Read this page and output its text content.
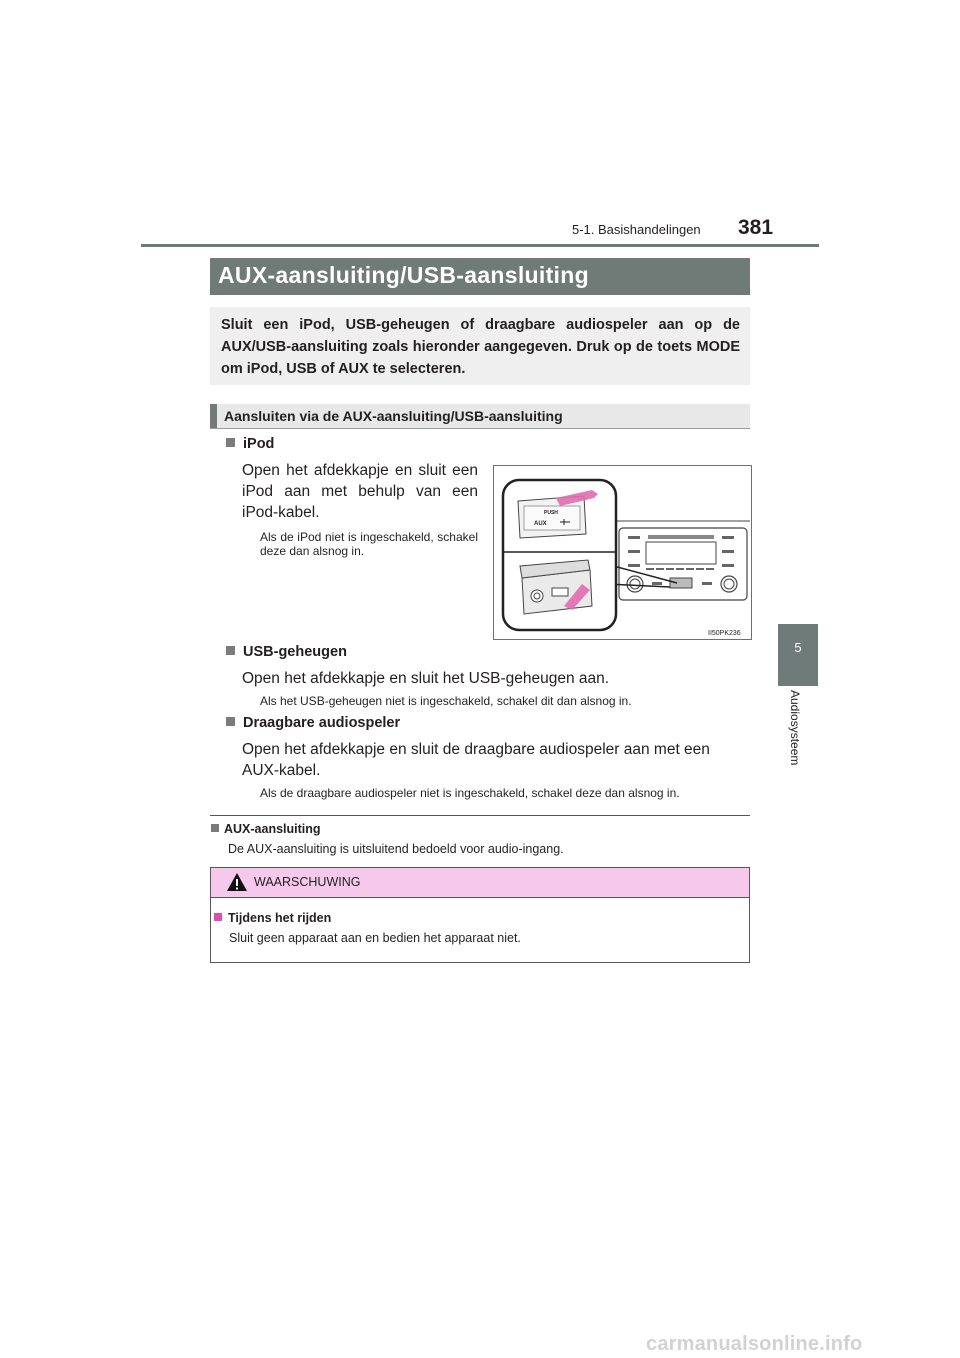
5-1. Basishandelingen 381
5
Audiosysteem
AUX-aansluiting/USB-aansluiting
Sluit een iPod, USB-geheugen of draagbare audiospeler aan op de AUX/USB-aansluiting zoals hieronder aangegeven. Druk op de toets MODE om iPod, USB of AUX te selecteren.
Aansluiten via de AUX-aansluiting/USB-aansluiting
iPod
Open het afdekkapje en sluit een iPod aan met behulp van een iPod-kabel.
Als de iPod niet is ingeschakeld, schakel deze dan alsnog in.
PUSH
AUX
II50PK236
USB-geheugen
Open het afdekkapje en sluit het USB-geheugen aan.
Als het USB-geheugen niet is ingeschakeld, schakel dit dan alsnog in.
Draagbare audiospeler
Open het afdekkapje en sluit de draagbare audiospeler aan met een AUX-kabel.
Als de draagbare audiospeler niet is ingeschakeld, schakel deze dan alsnog in.
AUX-aansluiting
De AUX-aansluiting is uitsluitend bedoeld voor audio-ingang.
WAARSCHUWING
Tijdens het rijden
Sluit geen apparaat aan en bedien het apparaat niet.
carmanualsonline.info
